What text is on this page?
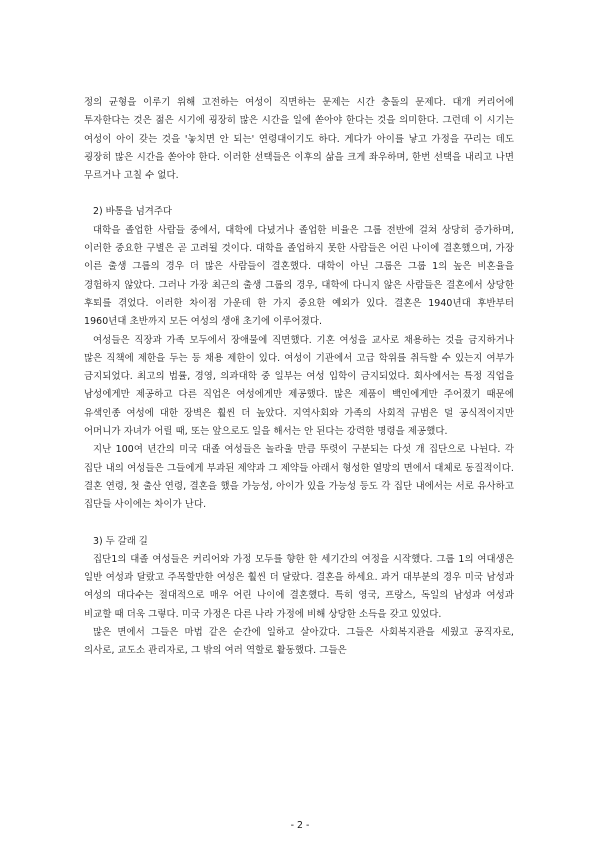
정의 균형을 이루기 위해 고전하는 여성이 직면하는 문제는 시간 충돌의 문제다. 대개 커리어에 투자한다는 것은 젊은 시기에 굉장히 많은 시간을 일에 쏟아야 한다는 것을 의미한다. 그런데 이 시기는 여성이 아이 갖는 것을 '놓치면 안 되는' 연령대이기도 하다. 게다가 아이를 낳고 가정을 꾸리는 데도 굉장히 많은 시간을 쏟아야 한다. 이러한 선택들은 이후의 삶을 크게 좌우하며, 한번 선택을 내리고 나면 무르거나 고칠 수 없다.

2) 바통을 넘겨주다

대학을 졸업한 사람들 중에서, 대학에 다녔거나 졸업한 비율은 그룹 전반에 걸쳐 상당히 증가하며, 이러한 중요한 구별은 곧 고려될 것이다. 대학을 졸업하지 못한 사람들은 어린 나이에 결혼했으며, 가장 이른 출생 그룹의 경우 더 많은 사람들이 결혼했다. 대학이 아닌 그룹은 그룹 1의 높은 비혼율을 경험하지 않았다. 그러나 가장 최근의 출생 그룹의 경우, 대학에 다니지 않은 사람들은 결혼에서 상당한 후퇴를 겪었다. 이러한 차이점 가운데 한 가지 중요한 예외가 있다. 결혼은 1940년대 후반부터 1960년대 초반까지 모든 여성의 생애 초기에 이루어졌다.

여성들은 직장과 가족 모두에서 장애물에 직면했다. 기혼 여성을 교사로 채용하는 것을 금지하거나 많은 직책에 제한을 두는 등 채용 제한이 있다. 여성이 기관에서 고급 학위를 취득할 수 있는지 여부가 금지되었다. 최고의 법률, 경영, 의과대학 중 일부는 여성 입학이 금지되었다. 회사에서는 특정 직업을 남성에게만 제공하고 다른 직업은 여성에게만 제공했다. 많은 제품이 백인에게만 주어졌기 때문에 유색인종 여성에 대한 장벽은 훨씬 더 높았다. 지역사회와 가족의 사회적 규범은 덜 공식적이지만 어머니가 자녀가 어릴 때, 또는 앞으로도 일을 해서는 안 된다는 강력한 명령을 제공했다.

지난 100여 년간의 미국 대졸 여성들은 놀라울 만큼 뚜렷이 구분되는 다섯 개 집단으로 나뉜다. 각 집단 내의 여성들은 그들에게 부과된 제약과 그 제약들 아래서 형성한 열망의 면에서 대체로 동질적이다. 결혼 연령, 첫 출산 연령, 결혼을 했을 가능성, 아이가 있을 가능성 등도 각 집단 내에서는 서로 유사하고 집단들 사이에는 차이가 난다.

3) 두 갈래 길

집단1의 대졸 여성들은 커리어와 가정 모두를 향한 한 세기간의 여정을 시작했다. 그룹 1의 여대생은 일반 여성과 달랐고 주목할만한 여성은 훨씬 더 달랐다. 결혼을 하세요. 과거 대부분의 경우 미국 남성과 여성의 대다수는 절대적으로 매우 어린 나이에 결혼했다. 특히 영국, 프랑스, 독일의 남성과 여성과 비교할 때 더욱 그렇다. 미국 가정은 다른 나라 가정에 비해 상당한 소득을 갖고 있었다.

많은 면에서 그들은 마법 같은 순간에 일하고 살아갔다. 그들은 사회복지관을 세웠고 공직자로, 의사로, 교도소 관리자로, 그 밖의 여러 역할로 활동했다. 그들은

- 2 -
